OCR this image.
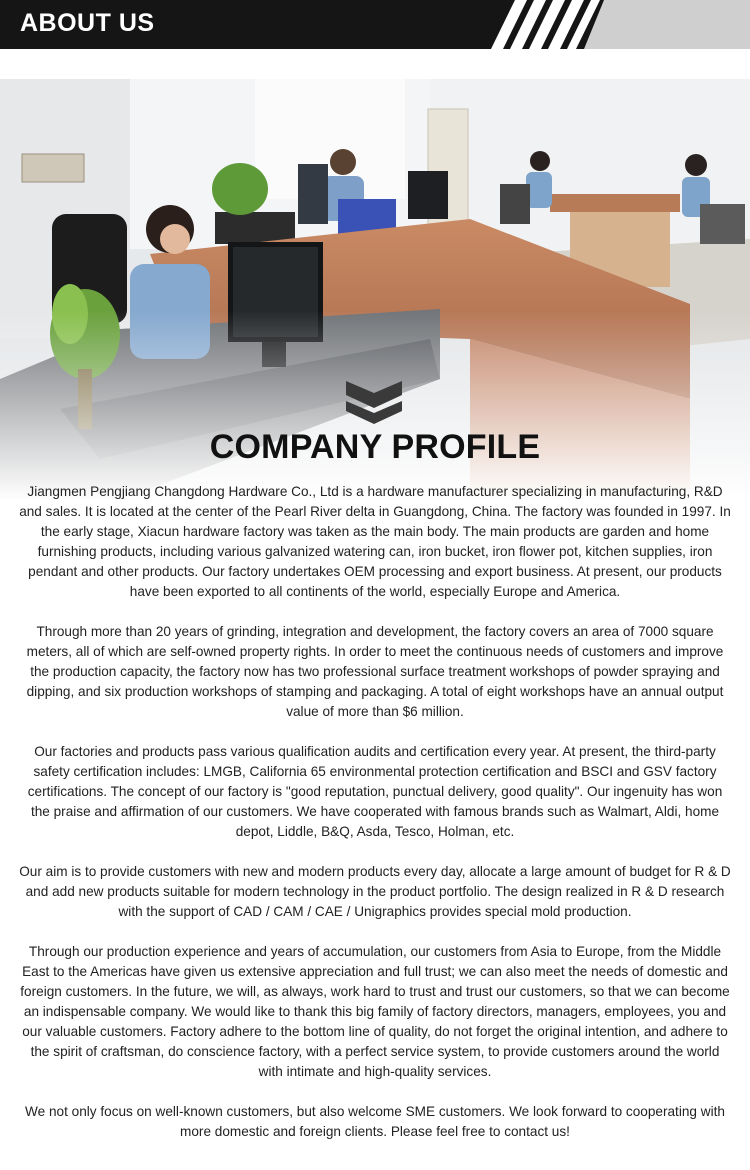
ABOUT US
COMPANY PROFILE

Jiangmen Pengjiang Changdong Hardware Co., Ltd is a hardware manufacturer specializing in manufacturing, R&D and sales. It is located at the center of the Pearl River delta in Guangdong, China. The factory was founded in 1997. In the early stage, Xiacun hardware factory was taken as the main body. The main products are garden and home furnishing products, including various galvanized watering can, iron bucket, iron flower pot, kitchen supplies, iron pendant and other products. Our factory undertakes OEM processing and export business. At present, our products have been exported to all continents of the world, especially Europe and America.

Through more than 20 years of grinding, integration and development, the factory covers an area of 7000 square meters, all of which are self-owned property rights. In order to meet the continuous needs of customers and improve the production capacity, the factory now has two professional surface treatment workshops of powder spraying and dipping, and six production workshops of stamping and packaging. A total of eight workshops have an annual output value of more than $6 million.

Our factories and products pass various qualification audits and certification every year. At present, the third-party safety certification includes: LMGB, California 65 environmental protection certification and BSCI and GSV factory certifications. The concept of our factory is "good reputation, punctual delivery, good quality". Our ingenuity has won the praise and affirmation of our customers. We have cooperated with famous brands such as Walmart, Aldi, home depot, Liddle, B&Q, Asda, Tesco, Holman, etc.

Our aim is to provide customers with new and modern products every day, allocate a large amount of budget for R & D and add new products suitable for modern technology in the product portfolio. The design realized in R & D research with the support of CAD / CAM / CAE / Unigraphics provides special mold production.

Through our production experience and years of accumulation, our customers from Asia to Europe, from the Middle East to the Americas have given us extensive appreciation and full trust; we can also meet the needs of domestic and foreign customers. In the future, we will, as always, work hard to trust and trust our customers, so that we can become an indispensable company. We would like to thank this big family of factory directors, managers, employees, you and our valuable customers. Factory adhere to the bottom line of quality, do not forget the original intention, and adhere to the spirit of craftsman, do conscience factory, with a perfect service system, to provide customers around the world with intimate and high-quality services.

We not only focus on well-known customers, but also welcome SME customers. We look forward to cooperating with more domestic and foreign clients. Please feel free to contact us!
